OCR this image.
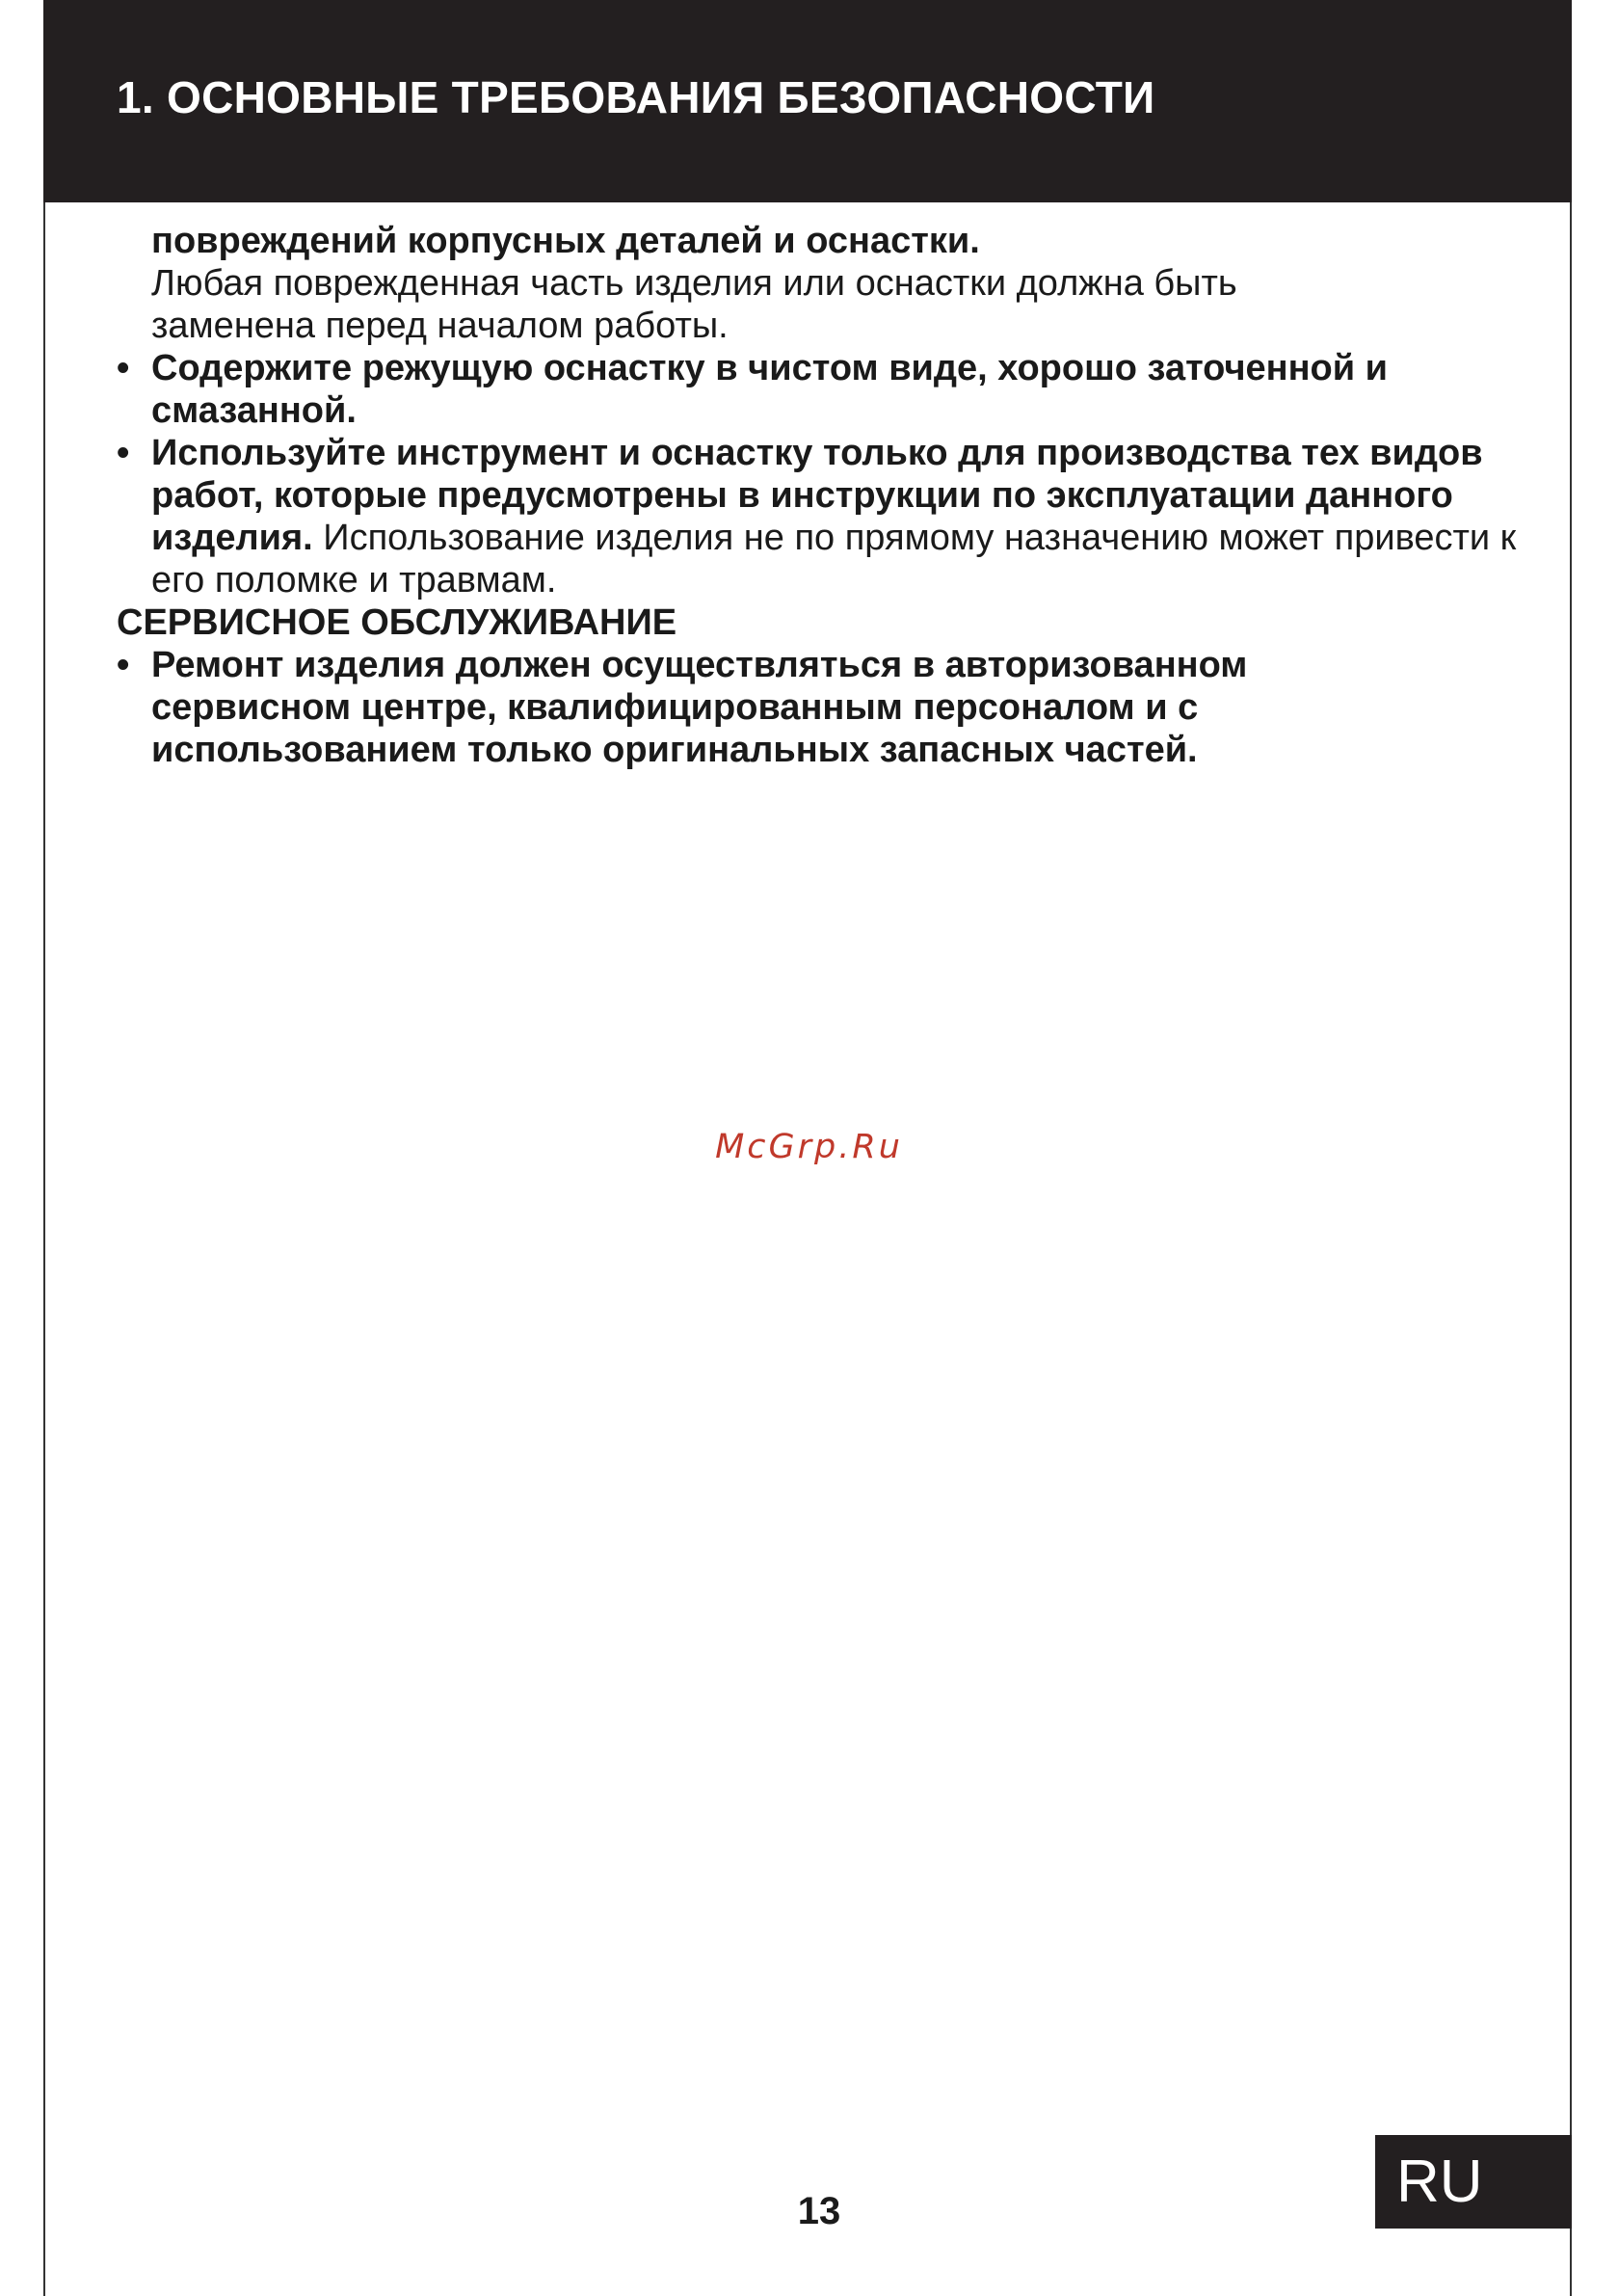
1. ОСНОВНЫЕ ТРЕБОВАНИЯ БЕЗОПАСНОСТИ

повреждений корпусных деталей и оснастки.
Любая поврежденная часть изделия или оснастки должна быть заменена перед началом работы.

• Содержите режущую оснастку в чистом виде, хорошо заточенной и смазанной.

• Используйте инструмент и оснастку только для производства тех видов работ, которые предусмотрены в инструкции по эксплуатации данного изделия. Использование изделия не по прямому назначению может привести к его поломке и травмам.

СЕРВИСНОЕ ОБСЛУЖИВАНИЕ

• Ремонт изделия должен осуществляться в авторизованном сервисном центре, квалифицированным персоналом и с использованием только оригинальных запасных частей.

McGrp.Ru
13	RU
